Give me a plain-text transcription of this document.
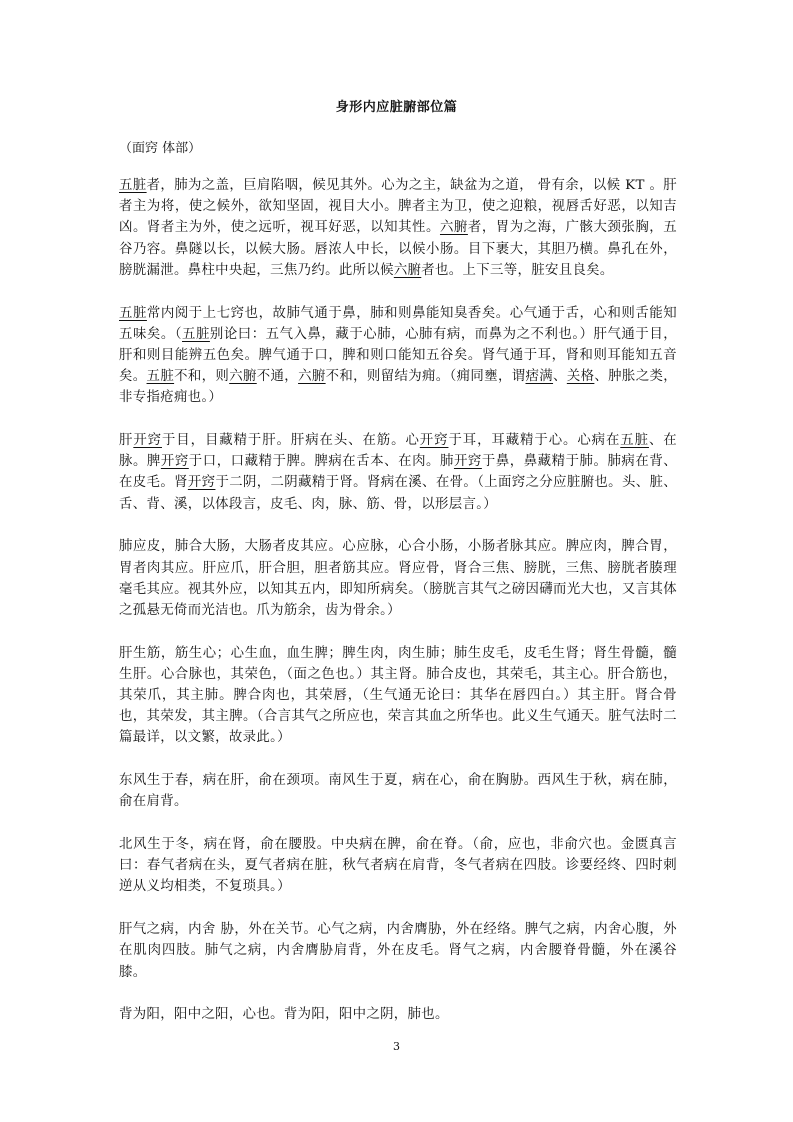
身形内应脏腑部位篇
（面窍 体部）

五脏者，肺为之盖，巨肩陷咽，候见其外。心为之主，缺盆为之道， 骨有余，以候 KT 。肝者主为将，使之候外，欲知坚固，视目大小。脾者主为卫，使之迎粮，视唇舌好恶，以知吉凶。肾者主为外，使之远听，视耳好恶，以知其性。六腑者，胃为之海，广骸大颈张胸，五谷乃容。鼻隧以长，以候大肠。唇浓人中长，以候小肠。目下裹大，其胆乃横。鼻孔在外，膀胱漏泄。鼻柱中央起，三焦乃约。此所以候六腑者也。上下三等，脏安且良矣。

五脏常内阅于上七窍也，故肺气通于鼻，肺和则鼻能知臭香矣。心气通于舌，心和则舌能知五味矣。（五脏别论曰：五气入鼻，藏于心肺，心肺有病，而鼻为之不利也。）肝气通于目，肝和则目能辨五色矣。脾气通于口，脾和则口能知五谷矣。肾气通于耳，肾和则耳能知五音矣。五脏不和，则六腑不通，六腑不和，则留结为痈。（痈同壅，谓痞满、关格、肿胀之类，非专指疮痈也。）

肝开窍于目，目藏精于肝。肝病在头、在筋。心开窍于耳，耳藏精于心。心病在五脏、在脉。脾开窍于口，口藏精于脾。脾病在舌本、在肉。肺开窍于鼻，鼻藏精于肺。肺病在背、在皮毛。肾开窍于二阴，二阴藏精于肾。肾病在溪、在骨。（上面窍之分应脏腑也。头、脏、舌、背、溪，以体段言，皮毛、肉，脉、筋、骨，以形层言。）

肺应皮，肺合大肠，大肠者皮其应。心应脉，心合小肠，小肠者脉其应。脾应肉，脾合胃，胃者肉其应。肝应爪，肝合胆，胆者筋其应。肾应骨，肾合三焦、膀胱，三焦、膀胱者腠理毫毛其应。视其外应，以知其五内，即知所病矣。（膀胱言其气之磅因礴而光大也，又言其体之孤悬无倚而光洁也。爪为筋余，齿为骨余。）

肝生筋，筋生心；心生血，血生脾；脾生肉，肉生肺；肺生皮毛，皮毛生肾；肾生骨髓，髓生肝。心合脉也，其荣色，（面之色也。）其主肾。肺合皮也，其荣毛，其主心。肝合筋也，其荣爪，其主肺。脾合肉也，其荣唇，（生气通无论曰：其华在唇四白。）其主肝。肾合骨也，其荣发，其主脾。（合言其气之所应也，荣言其血之所华也。此义生气通天。脏气法时二篇最详，以文繁，故录此。）

东风生于春，病在肝，俞在颈项。南风生于夏，病在心，俞在胸胁。西风生于秋，病在肺，俞在肩背。

北风生于冬，病在肾，俞在腰股。中央病在脾，俞在脊。（俞，应也，非俞穴也。金匮真言曰：春气者病在头，夏气者病在脏，秋气者病在肩背，冬气者病在四肢。诊要经终、四时刺逆从义均相类，不复琐具。）

肝气之病，内舍 胁，外在关节。心气之病，内舍膺胁，外在经络。脾气之病，内舍心腹，外在肌肉四肢。肺气之病，内舍膺胁肩背，外在皮毛。肾气之病，内舍腰脊骨髓，外在溪谷膝。

背为阳，阳中之阳，心也。背为阳，阳中之阴，肺也。

3
